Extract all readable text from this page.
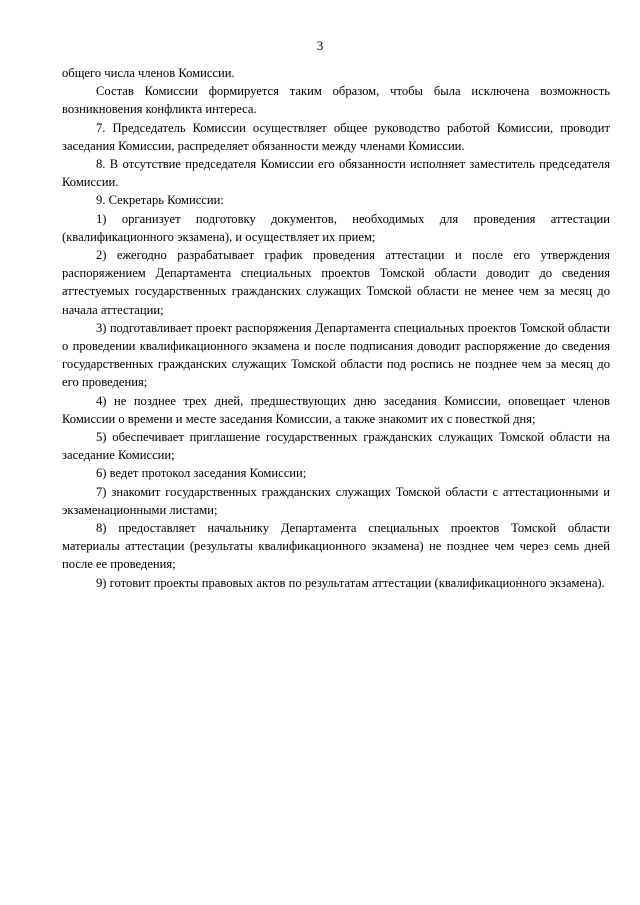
3

общего числа членов Комиссии.

Состав Комиссии формируется таким образом, чтобы была исключена возможность возникновения конфликта интереса.

7. Председатель Комиссии осуществляет общее руководство работой Комиссии, проводит заседания Комиссии, распределяет обязанности между членами Комиссии.

8. В отсутствие председателя Комиссии его обязанности исполняет заместитель председателя Комиссии.

9. Секретарь Комиссии:

1) организует подготовку документов, необходимых для проведения аттестации (квалификационного экзамена), и осуществляет их прием;

2) ежегодно разрабатывает график проведения аттестации и после его утверждения распоряжением Департамента специальных проектов Томской области доводит до сведения аттестуемых государственных гражданских служащих Томской области не менее чем за месяц до начала аттестации;

3) подготавливает проект распоряжения Департамента специальных проектов Томской области о проведении квалификационного экзамена и после подписания доводит распоряжение до сведения государственных гражданских служащих Томской области под роспись не позднее чем за месяц до его проведения;

4) не позднее трех дней, предшествующих дню заседания Комиссии, оповещает членов Комиссии о времени и месте заседания Комиссии, а также знакомит их с повесткой дня;

5) обеспечивает приглашение государственных гражданских служащих Томской области на заседание Комиссии;

6) ведет протокол заседания Комиссии;

7) знакомит государственных гражданских служащих Томской области с аттестационными и экзаменационными листами;

8) предоставляет начальнику Департамента специальных проектов Томской области материалы аттестации (результаты квалификационного экзамена) не позднее чем через семь дней после ее проведения;

9) готовит проекты правовых актов по результатам аттестации (квалификационного экзамена).
